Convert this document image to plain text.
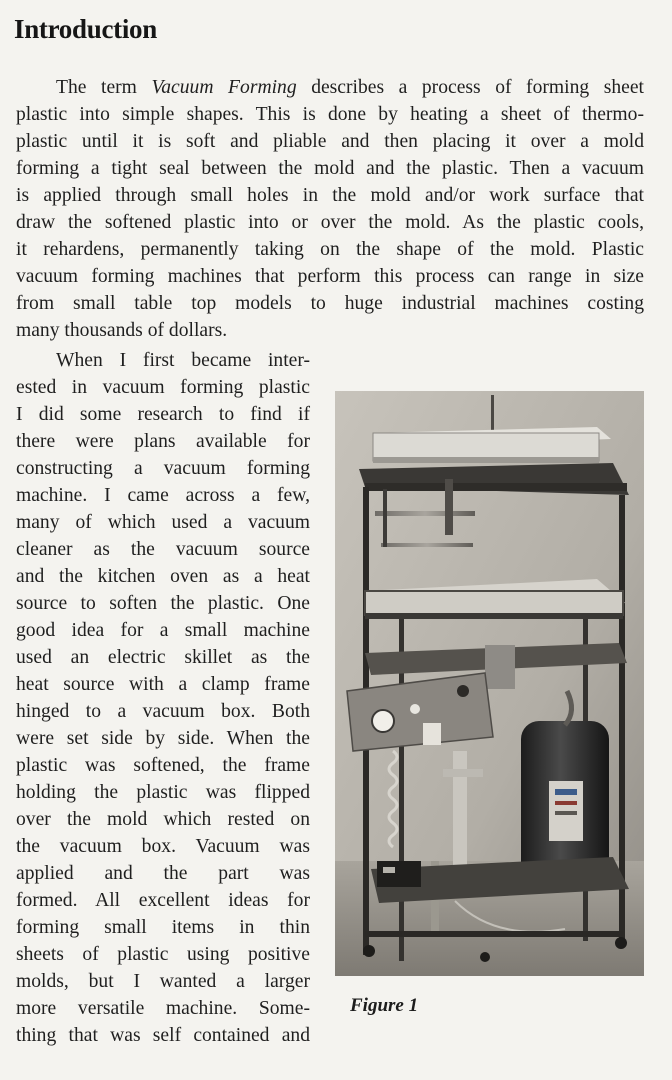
Introduction
The term Vacuum Forming describes a process of forming sheet
plastic into simple shapes. This is done by heating a sheet of thermo-
plastic until it is soft and pliable and then placing it over a mold
forming a tight seal between the mold and the plastic. Then a vacuum
is applied through small holes in the mold and/or work surface that
draw the softened plastic into or over the mold. As the plastic cools,
it rehardens, permanently taking on the shape of the mold. Plastic
vacuum forming machines that perform this process can range in size
from small table top models to huge industrial machines costing
many thousands of dollars.
When I first became inter-
ested in vacuum forming plastic
I did some research to find if
there were plans available for
constructing a vacuum forming
machine. I came across a few,
many of which used a vacuum
cleaner as the vacuum source
and the kitchen oven as a heat
source to soften the plastic. One
good idea for a small machine
used an electric skillet as the
heat source with a clamp frame
hinged to a vacuum box. Both
were set side by side. When the
plastic was softened, the frame
holding the plastic was flipped
over the mold which rested on
the vacuum box. Vacuum was
applied and the part was
formed. All excellent ideas for
forming small items in thin
sheets of plastic using positive
molds, but I wanted a larger
more versatile machine. Some-
thing that was self contained and
Figure 1
